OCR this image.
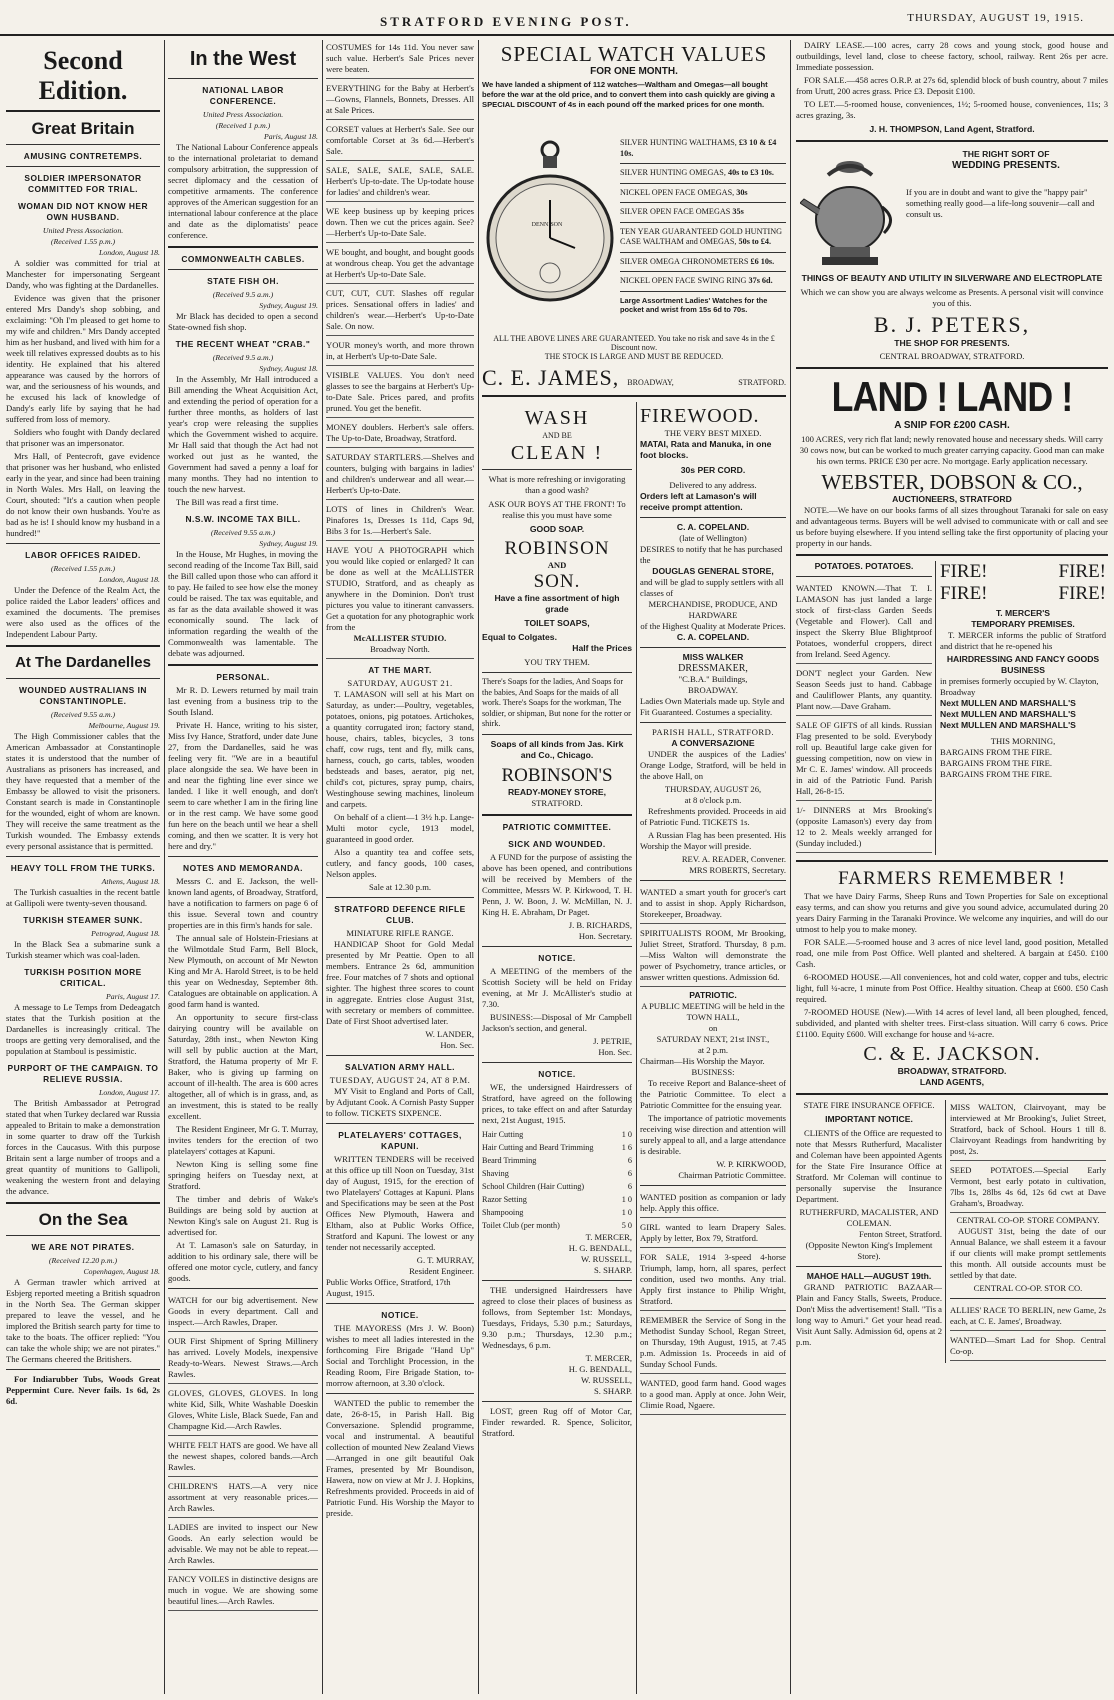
STRATFORD EVENING POST.	THURSDAY, AUGUST 19, 1915.
Second Edition.
Great Britain
AMUSING CONTRETEMPS.
SOLDIER IMPERSONATOR COMMITTED FOR TRIAL.
WOMAN DID NOT KNOW HER OWN HUSBAND.
United Press Association.
(Received 1.55 p.m.)
London, August 18.

A soldier was committed for trial at Manchester for impersonating Sergeant Dandy, who was fighting at the Dardanelles.

Evidence was given that the prisoner entered Mrs Dandy's shop sobbing, and exclaiming: "Oh I'm pleased to get home to my wife and children." Mrs Dandy accepted him as her husband, and lived with him for a week till relatives expressed doubts as to his identity. He explained that his altered appearance was caused by the horrors of war, and the seriousness of his wounds, and he excused his lack of knowledge of Dandy's early life by saying that he had suffered from loss of memory.

Soldiers who fought with Dandy declared that prisoner was an impersonator.

Mrs Hall, of Pentecroft, gave evidence that prisoner was her husband, who enlisted early in the year, and since had been training in North Wales. Mrs Hall, on leaving the Court, shouted: "It's a caution when people do not know their own husbands. You're as bad as he is! I should know my husband in a hundred!"

LABOR OFFICES RAIDED.
(Received 1.55 p.m.)
London, August 18.

Under the Defence of the Realm Act, the police raided the Labor leaders' offices and examined the documents. The premises were also used as the offices of the Independent Labour Party.

At The Dardanelles
WOUNDED AUSTRALIANS IN CONSTANTINOPLE.
(Received 9.55 a.m.)
Melbourne, August 19.

The High Commissioner cables that the American Ambassador at Constantinople states it is understood that the number of Australians as prisoners has increased, and they have requested that a member of the Embassy be allowed to visit the prisoners. Constant search is made in Constantinople for the wounded, eight of whom are known. They will receive the same treatment as the Turkish wounded. The Embassy extends every personal assistance that is permitted.

HEAVY TOLL FROM THE TURKS.
Athens, August 18.

The Turkish casualties in the recent battle at Gallipoli were twenty-seven thousand.

TURKISH STEAMER SUNK.
Petrograd, August 18.

In the Black Sea a submarine sunk a Turkish steamer which was coal-laden.

TURKISH POSITION MORE CRITICAL.
Paris, August 17.

A message to Le Temps from Dedeagatch states that the Turkish position at the Dardanelles is increasingly critical. The troops are getting very demoralised, and the population at Stamboul is pessimistic.

PURPORT OF THE CAMPAIGN. TO RELIEVE RUSSIA.
London, August 17.

The British Ambassador at Petrograd stated that when Turkey declared war Russia appealed to Britain to make a demonstration in some quarter to draw off the Turkish forces in the Caucasus. With this purpose Britain sent a large number of troops and a great quantity of munitions to Gallipoli, weakening the western front and delaying the advance.

On the Sea
WE ARE NOT PIRATES.
(Received 12.20 p.m.)
Copenhagen, August 18.

A German trawler which arrived at Esbjerg reported meeting a British squadron in the North Sea. The German skipper prepared to leave the vessel, and he implored the British search party for time to take to the boats. The officer replied: "You can take the whole ship; we are not pirates." The Germans cheered the Britishers.

For Indiarubber Tubs, Woods Great Peppermint Cure. Never fails. 1s 6d, 2s 6d.

In the West
NATIONAL LABOR CONFERENCE.
United Press Association.
(Received 1 p.m.)
Paris, August 18.

The National Labour Conference appeals to the international proletariat to demand compulsory arbitration, the suppression of secret diplomacy and the cessation of competitive armaments. The conference approves of the American suggestion for an international labour conference at the place and date as the diplomatists' peace conference.

COMMONWEALTH CABLES.
STATE FISH OH.
(Received 9.5 a.m.)
Sydney, August 19.

Mr Black has decided to open a second State-owned fish shop.

THE RECENT WHEAT "CRAB."
(Received 9.5 a.m.)
Sydney, August 18.

In the Assembly, Mr Hall introduced a Bill amending the Wheat Acquisition Act, and extending the period of operation for a further three months, as holders of last year's crop were releasing the supplies which the Government wished to acquire. Mr Hall said that though the Act had not worked out just as he wanted, the Government had saved a penny a loaf for many months. They had no intention to touch the new harvest.

The Bill was read a first time.

N.S.W. INCOME TAX BILL.
(Received 9.55 a.m.)
Sydney, August 19.

In the House, Mr Hughes, in moving the second reading of the Income Tax Bill, said the Bill called upon those who can afford it to pay. He failed to see how else the money could be raised. The tax was equitable, and as far as the data available showed it was economically sound. The lack of information regarding the wealth of the Commonwealth was lamentable. The debate was adjourned.

PERSONAL.

Mr R. D. Lewers returned by mail train last evening from a business trip to the South Island.

Private H. Hance, writing to his sister, Miss Ivy Hance, Stratford, under date June 27, from the Dardanelles, said he was feeling very fit. "We are in a beautiful place alongside the sea. We have been in and near the fighting line ever since we landed. I like it well enough, and don't seem to care whether I am in the firing line or in the rest camp. We have some good fun here on the beach until we hear a shell coming, and then we scatter. It is very hot here and dry."

NOTES AND MEMORANDA.

Messrs C. and E. Jackson, the well-known land agents, of Broadway, Stratford, have a notification to farmers on page 6 of this issue. Several town and country properties are in this firm's hands for sale.

The annual sale of Holstein-Friesians at the Wilmotdale Stud Farm, Bell Block, New Plymouth, on account of Mr Newton King and Mr A. Harold Street, is to be held this year on Wednesday, September 8th. Catalogues are obtainable on application. A good farm hand is wanted.

An opportunity to secure first-class dairying country will be available on Saturday, 28th inst., when Newton King will sell by public auction at the Mart, Stratford, the Hatuma property of Mr F. Baker, who is giving up farming on account of ill-health. The area is 600 acres altogether, all of which is in grass, and, as an investment, this is stated to be really excellent.

The Resident Engineer, Mr G. T. Murray, invites tenders for the erection of two platelayers' cottages at Kapuni.

Newton King is selling some fine springing heifers on Tuesday next, at Stratford.

The timber and debris of Wake's Buildings are being sold by auction at Newton King's sale on August 21. Rug is advertised for.

At T. Lamason's sale on Saturday, in addition to his ordinary sale, there will be offered one motor cycle, cutlery, and fancy goods.

WATCH for our big advertisement. New Goods in every department. Call and inspect.—Arch Rawles, Draper.
OUR First Shipment of Spring Millinery has arrived. Lovely Models, inexpensive Ready-to-Wears. Newest Straws.—Arch Rawles.
GLOVES, GLOVES, GLOVES. In long white Kid, Silk, White Washable Doeskin Gloves, White Lisle, Black Suede, Fan and Champagne Kid.—Arch Rawles.
WHITE FELT HATS are good. We have all the newest shapes, colored bands.—Arch Rawles.
CHILDREN'S HATS.—A very nice assortment at very reasonable prices.—Arch Rawles.
LADIES are invited to inspect our New Goods. An early selection would be advisable. We may not be able to repeat.—Arch Rawles.
FANCY VOILES in distinctive designs are much in vogue. We are showing some beautiful lines.—Arch Rawles.
COSTUMES for 14s 11d. You never saw such value. Herbert's Sale Prices never were beaten.
EVERYTHING for the Baby at Herbert's—Gowns, Flannels, Bonnets, Dresses. All at Sale Prices.
CORSET values at Herbert's Sale. See our comfortable Corset at 3s 6d.—Herbert's Sale.
SALE, SALE, SALE, SALE, SALE. Herbert's Up-to-date. The Up-todate house for ladies' and children's wear.
WE keep business up by keeping prices down. Then we cut the prices again. See?—Herbert's Up-to-Date Sale.
WE bought, and bought, and bought goods at wondrous cheap. You get the advantage at Herbert's Up-to-Date Sale.
CUT, CUT, CUT. Slashes off regular prices. Sensational offers in ladies' and children's wear.—Herbert's Up-to-Date Sale. On now.
YOUR money's worth, and more thrown in, at Herbert's Up-to-Date Sale.
VISIBLE VALUES. You don't need glasses to see the bargains at Herbert's Up-to-Date Sale. Prices pared, and profits pruned. You get the benefit.
MONEY doublers. Herbert's sale offers. The Up-to-Date, Broadway, Stratford.
SATURDAY STARTLERS.—Shelves and counters, bulging with bargains in ladies' and children's underwear and all wear.—Herbert's Up-to-Date.
LOTS of lines in Children's Wear. Pinafores 1s, Dresses 1s 11d, Caps 9d, Bibs 3 for 1s.—Herbert's Sale.

HAVE YOU A PHOTOGRAPH which you would like copied or enlarged? It can be done as well at the McALLISTER STUDIO, Stratford, and as cheaply as anywhere in the Dominion. Don't trust pictures you value to itinerant canvassers. Get a quotation for any photographic work from the

McALLISTER STUDIO.
Broadway North.
AT THE MART.
SATURDAY, AUGUST 21.

T. LAMASON will sell at his Mart on Saturday, as under:—Poultry, vegetables, potatoes, onions, pig potatoes. Artichokes, a quantity corrugated iron; factory stand, house, chairs, tables, bicycles, 3 tons chaff, cow rugs, tent and fly, milk cans, harness, couch, go carts, tables, wooden bedsteads and bases, aerator, pig net, child's cot, pictures, spray pump, chairs, Westinghouse sewing machines, linoleum and carpets.

On behalf of a client—1 3½ h.p. Lange-Multi motor cycle, 1913 model, guaranteed in good order.

Also a quantity tea and coffee sets, cutlery, and fancy goods, 100 cases, Nelson apples.

Sale at 12.30 p.m.
STRATFORD DEFENCE RIFLE CLUB.
MINIATURE RIFLE RANGE.

HANDICAP Shoot for Gold Medal presented by Mr Peattie. Open to all members. Entrance 2s 6d, ammunition free. Four matches of 7 shots and optional sighter. The highest three scores to count in aggregate. Entries close August 31st, with secretary or members of committee. Date of First Shoot advertised later.

W. LANDER,
Hon. Sec.
SALVATION ARMY HALL.
TUESDAY, AUGUST 24, AT 8 P.M.

MY Visit to England and Ports of Call, by Adjutant Cook. A Cornish Pasty Supper to follow. TICKETS SIXPENCE.

PLATELAYERS' COTTAGES, KAPUNI.

WRITTEN TENDERS will be received at this office up till Noon on Tuesday, 31st day of August, 1915, for the erection of two Platelayers' Cottages at Kapuni. Plans and Specifications may be seen at the Post Offices New Plymouth, Hawera and Eltham, also at Public Works Office, Stratford and Kapuni. The lowest or any tender not necessarily accepted.

G. T. MURRAY,
Resident Engineer.
Public Works Office, Stratford, 17th August, 1915.
NOTICE.

THE MAYORESS (Mrs J. W. Boon) wishes to meet all ladies interested in the forthcoming Fire Brigade "Hand Up" Social and Torchlight Procession, in the Reading Room, Fire Brigade Station, to-morrow afternoon, at 3.30 o'clock.

WANTED the public to remember the date, 26-8-15, in Parish Hall. Big Conversazione. Splendid programme, vocal and instrumental. A beautiful collection of mounted New Zealand Views—Arranged in one gilt beautiful Oak Frames, presented by Mr Boundison, Hawera, now on view at Mr J. J. Hopkins, Refreshments provided. Proceeds in aid of Patriotic Fund. His Worship the Mayor to preside.

SPECIAL WATCH VALUES
FOR ONE MONTH.

We have landed a shipment of 112 watches—Waltham and Omegas—all bought before the war at the old price, and to convert them into cash quickly are giving a SPECIAL DISCOUNT of 4s in each pound off the marked prices for one month.

DENNISON
SILVER HUNTING WALTHAMS, £3 10 & £4 10s.
SILVER HUNTING OMEGAS, 40s to £3 10s.
NICKEL OPEN FACE OMEGAS, 30s
SILVER OPEN FACE OMEGAS 35s
TEN YEAR GUARANTEED GOLD HUNTING CASE WALTHAM and OMEGAS, 50s to £4.
SILVER OMEGA CHRONOMETERS £6 10s.
NICKEL OPEN FACE SWING RING 37s 6d.
Large Assortment Ladies' Watches for the pocket and wrist from 15s 6d to 70s.
ALL THE ABOVE LINES ARE GUARANTEED. You take no risk and save 4s in the £ Discount now.
THE STOCK IS LARGE AND MUST BE REDUCED.
C. E. JAMES, BROADWAY,	STRATFORD.
WASH
AND BE
CLEAN !
What is more refreshing or invigorating than a good wash?
ASK OUR BOYS AT THE FRONT! To realise this you must have some
GOOD SOAP.
ROBINSON
AND
SON.
Have a fine assortment of high grade
TOILET SOAPS,
Equal to Colgates.
Half the Prices
YOU TRY THEM.

There's Soaps for the ladies, And Soaps for the babies, And Soaps for the maids of all work. There's Soaps for the workman, The soldier, or shipman, But none for the rotter or shirk.

Soaps of all kinds from Jas. Kirk and Co., Chicago.
ROBINSON'S
READY-MONEY STORE,
STRATFORD.
PATRIOTIC COMMITTEE.
SICK AND WOUNDED.

A FUND for the purpose of assisting the above has been opened, and contributions will be received by Members of the Committee, Messrs W. P. Kirkwood, T. H. Penn, J. W. Boon, J. W. McMillan, N. J. King H. E. Abraham, Dr Paget.

J. B. RICHARDS,
Hon. Secretary.
NOTICE.

A MEETING of the members of the Scottish Society will be held on Friday evening, at Mr J. McAllister's studio at 7.30.

BUSINESS:—Disposal of Mr Campbell Jackson's section, and general.

J. PETRIE,
Hon. Sec.
NOTICE.

WE, the undersigned Hairdressers of Stratford, have agreed on the following prices, to take effect on and after Saturday next, 21st August, 1915.

Hair Cutting	1 0
Hair Cutting and Beard Trimming	1 6
Beard Trimming	6
Shaving	6
School Children (Hair Cutting)	6
Razor Setting	1 0
Shampooing	1 0
Toilet Club (per month)	5 0
T. MERCER,
H. G. BENDALL,
W. RUSSELL,
S. SHARP.

THE undersigned Hairdressers have agreed to close their places of business as follows, from September 1st: Mondays, Tuesdays, Fridays, 5.30 p.m.; Saturdays, 9.30 p.m.; Thursdays, 12.30 p.m.; Wednesdays, 6 p.m.

T. MERCER,
H. G. BENDALL,
W. RUSSELL,
S. SHARP.

LOST, green Rug off of Motor Car, Finder rewarded. R. Spence, Solicitor, Stratford.

FIREWOOD.
THE VERY BEST MIXED.
MATAI, Rata and Manuka, in one foot blocks.
30s PER CORD.
Delivered to any address.
Orders left at Lamason's will receive prompt attention.
C. A. COPELAND.
(late of Wellington)
DESIRES to notify that he has purchased the
DOUGLAS GENERAL STORE,
and will be glad to supply settlers with all classes of
MERCHANDISE, PRODUCE, AND HARDWARE
of the Highest Quality at Moderate Prices.
C. A. COPELAND.
MISS WALKER
DRESSMAKER,
"C.B.A." Buildings,
BROADWAY.
Ladies Own Materials made up. Style and Fit Guaranteed. Costumes a speciality.
PARISH HALL, STRATFORD.
A CONVERSAZIONE

UNDER the auspices of the Ladies' Orange Lodge, Stratford, will be held in the above Hall, on

THURSDAY, AUGUST 26,
at 8 o'clock p.m.

Refreshments provided. Proceeds in aid of Patriotic Fund. TICKETS 1s.

A Russian Flag has been presented. His Worship the Mayor will preside.

REV. A. READER, Convener.
MRS ROBERTS, Secretary.
WANTED a smart youth for grocer's cart and to assist in shop. Apply Richardson, Storekeeper, Broadway.
SPIRITUALISTS ROOM, Mr Brooking, Juliet Street, Stratford. Thursday, 8 p.m.—Miss Walton will demonstrate the power of Psychometry, trance articles, or answer written questions. Admission 6d.
PATRIOTIC.
A PUBLIC MEETING will be held in the TOWN HALL,
on
SATURDAY NEXT, 21st INST.,
at 2 p.m.
Chairman—His Worship the Mayor.
BUSINESS:

To receive Report and Balance-sheet of the Patriotic Committee. To elect a Patriotic Committee for the ensuing year.

The importance of patriotic movements receiving wise direction and attention will surely appeal to all, and a large attendance is desirable.

W. P. KIRKWOOD,
Chairman Patriotic Committee.
WANTED position as companion or lady help. Apply this office.
GIRL wanted to learn Drapery Sales. Apply by letter, Box 79, Stratford.
FOR SALE, 1914 3-speed 4-horse Triumph, lamp, horn, all spares, perfect condition, used two months. Any trial. Apply first instance to Philip Wright, Stratford.
REMEMBER the Service of Song in the Methodist Sunday School, Regan Street, on Thursday, 19th August, 1915, at 7.45 p.m. Admission 1s. Proceeds in aid of Sunday School Funds.
WANTED, good farm hand. Good wages to a good man. Apply at once. John Weir, Climie Road, Ngaere.

DAIRY LEASE.—100 acres, carry 28 cows and young stock, good house and outbuildings, level land, close to cheese factory, school, railway. Rent 26s per acre. Immediate possession.

FOR SALE.—458 acres O.R.P. at 27s 6d, splendid block of bush country, about 7 miles from Urutī, 200 acres grass. Price £3. Deposit £100.

TO LET.—5-roomed house, conveniences, 1½; 5-roomed house, conveniences, 11s; 3 acres grazing, 3s.

J. H. THOMPSON, Land Agent, Stratford.
THE RIGHT SORT OF
WEDDING PRESENTS.

If you are in doubt and want to give the "happy pair" something really good—a life-long souvenir—call and consult us.

THINGS OF BEAUTY AND UTILITY IN SILVERWARE AND ELECTROPLATE
Which we can show you are always welcome as Presents. A personal visit will convince you of this.
B. J. PETERS,
THE SHOP FOR PRESENTS.
CENTRAL BROADWAY, STRATFORD.
LAND ! LAND !
A SNIP FOR £200 CASH.

100 ACRES, very rich flat land; newly renovated house and necessary sheds. Will carry 30 cows now, but can be worked to much greater carrying capacity. Good man can make his own terms. PRICE £30 per acre. No mortgage. Early application necessary.

WEBSTER, DOBSON & CO.,
AUCTIONEERS, STRATFORD

NOTE.—We have on our books farms of all sizes throughout Taranaki for sale on easy and advantageous terms. Buyers will be well advised to communicate with or call and see us before buying elsewhere. If you intend selling take the first opportunity of placing your property in our hands.

POTATOES. POTATOES.
WANTED KNOWN.—That T. I. LAMASON has just landed a large stock of first-class Garden Seeds (Vegetable and Flower). Call and inspect the Skerry Blue Blightproof Potatoes, wonderful croppers, direct from Ireland. Seed Agency.
DON'T neglect your Garden. New Season Seeds just to hand. Cabbage and Cauliflower Plants, any quantity. Plant now.—Dave Graham.
SALE OF GIFTS of all kinds. Russian Flag presented to be sold. Everybody roll up. Beautiful large cake given for guessing competition, now on view in Mr C. E. James' window. All proceeds in aid of the Patriotic Fund. Parish Hall, 26-8-15.
1/- DINNERS at Mrs Brooking's (opposite Lamason's) every day from 12 to 2. Meals weekly arranged for (Sunday included.)
FIRE!	FIRE!
FIRE!	FIRE!
T. MERCER'S
TEMPORARY PREMISES.

T. MERCER informs the public of Stratford and district that he re-opened his

HAIRDRESSING AND FANCY GOODS BUSINESS

in premises formerly occupied by W. Clayton, Broadway

Next MULLEN AND MARSHALL'S
Next MULLEN AND MARSHALL'S
Next MULLEN AND MARSHALL'S
THIS MORNING,
BARGAINS FROM THE FIRE.
BARGAINS FROM THE FIRE.
BARGAINS FROM THE FIRE.
FARMERS REMEMBER !

That we have Dairy Farms, Sheep Runs and Town Properties for Sale on exceptional easy terms, and can show you returns and give you sound advice, accumulated during 20 years Dairy Farming in the Taranaki Province. We welcome any inquiries, and will do our utmost to help you to make money.

FOR SALE.—5-roomed house and 3 acres of nice level land, good position, Metalled road, one mile from Post Office. Well planted and sheltered. A bargain at £450. £100 Cash.

6-ROOMED HOUSE.—All conveniences, hot and cold water, copper and tubs, electric light, full ¼-acre, 1 minute from Post Office. Healthy situation. Cheap at £600. £50 Cash required.

7-ROOMED HOUSE (New).—With 14 acres of level land, all been ploughed, fenced, subdivided, and planted with shelter trees. First-class situation. Will carry 6 cows. Price £1100. Equity £600. Will exchange for house and ¼-acre.

C. & E. JACKSON.
BROADWAY, STRATFORD.
LAND AGENTS,
STATE FIRE INSURANCE OFFICE.
IMPORTANT NOTICE.

CLIENTS of the Office are requested to note that Messrs Rutherfurd, Macalister and Coleman have been appointed Agents for the State Fire Insurance Office at Stratford. Mr Coleman will continue to personally supervise the Insurance Department.

RUTHERFURD, MACALISTER, AND COLEMAN.
Fenton Street, Stratford.
(Opposite Newton King's Implement Store).
MAHOE HALL—AUGUST 19th.

GRAND PATRIOTIC BAZAAR—Plain and Fancy Stalls, Sweets, Produce. Don't Miss the advertisement! Stall. "Tis a long way to Amuri." Get your head read. Visit Aunt Sally. Admission 6d, opens at 2 p.m.

MISS WALTON, Clairvoyant, may be interviewed at Mr Brooking's, Juliet Street, Stratford, back of School. Hours 1 till 8. Clairvoyant Readings from handwriting by post, 2s.
SEED POTATOES.—Special Early Vermont, best early potato in cultivation, 7lbs 1s, 28lbs 4s 6d, 12s 6d cwt at Dave Graham's, Broadway.
CENTRAL CO-OP. STORE COMPANY.

AUGUST 31st, being the date of our Annual Balance, we shall esteem it a favour if our clients will make prompt settlements this month. All outside accounts must be settled by that date.

CENTRAL CO-OP. STOR CO.
ALLIES' RACE TO BERLIN, new Game, 2s each, at C. E. James', Broadway.
WANTED—Smart Lad for Shop. Central Co-op.
